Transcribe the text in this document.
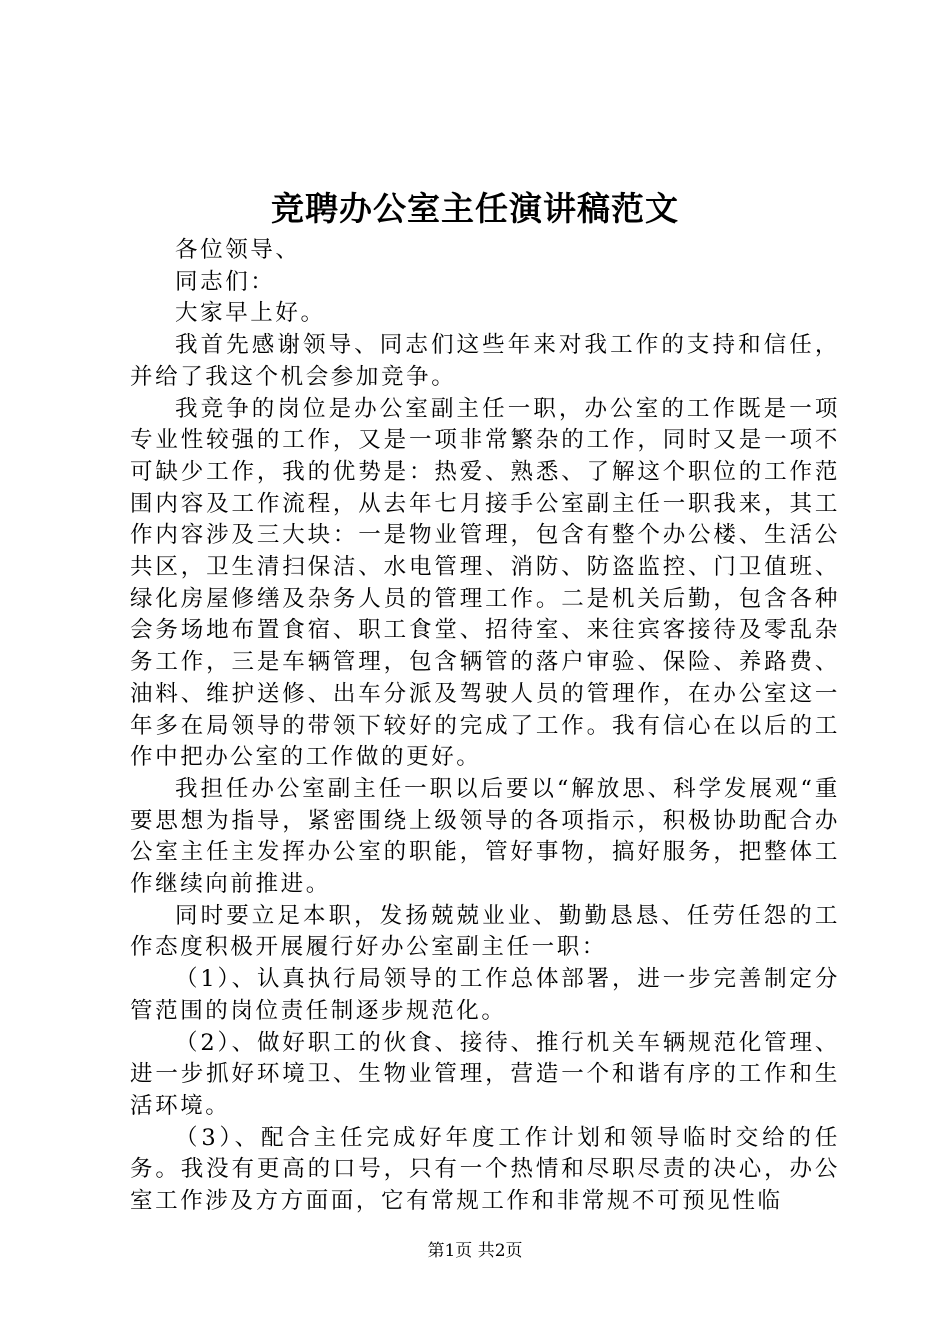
竞聘办公室主任演讲稿范文

各位领导、

同志们：

大家早上好。

我首先感谢领导、同志们这些年来对我工作的支持和信任，并给了我这个机会参加竞争。

我竞争的岗位是办公室副主任一职，办公室的工作既是一项专业性较强的工作，又是一项非常繁杂的工作，同时又是一项不可缺少工作，我的优势是：热爱、熟悉、了解这个职位的工作范围内容及工作流程，从去年七月接手公室副主任一职我来，其工作内容涉及三大块：一是物业管理，包含有整个办公楼、生活公共区，卫生清扫保洁、水电管理、消防、防盗监控、门卫值班、绿化房屋修缮及杂务人员的管理工作。二是机关后勤，包含各种会务场地布置食宿、职工食堂、招待室、来往宾客接待及零乱杂务工作，三是车辆管理，包含辆管的落户审验、保险、养路费、油料、维护送修、出车分派及驾驶人员的管理作，在办公室这一年多在局领导的带领下较好的完成了工作。我有信心在以后的工作中把办公室的工作做的更好。

我担任办公室副主任一职以后要以“解放思、科学发展观“重要思想为指导，紧密围绕上级领导的各项指示，积极协助配合办公室主任主发挥办公室的职能，管好事物，搞好服务，把整体工作继续向前推进。

同时要立足本职，发扬兢兢业业、勤勤恳恳、任劳任怨的工作态度积极开展履行好办公室副主任一职：

（1）、认真执行局领导的工作总体部署，进一步完善制定分管范围的岗位责任制逐步规范化。

（2）、做好职工的伙食、接待、推行机关车辆规范化管理、进一步抓好环境卫、生物业管理，营造一个和谐有序的工作和生活环境。

（3）、配合主任完成好年度工作计划和领导临时交给的任务。我没有更高的口号，只有一个热情和尽职尽责的决心，办公室工作涉及方方面面，它有常规工作和非常规不可预见性临

第1页 共2页
